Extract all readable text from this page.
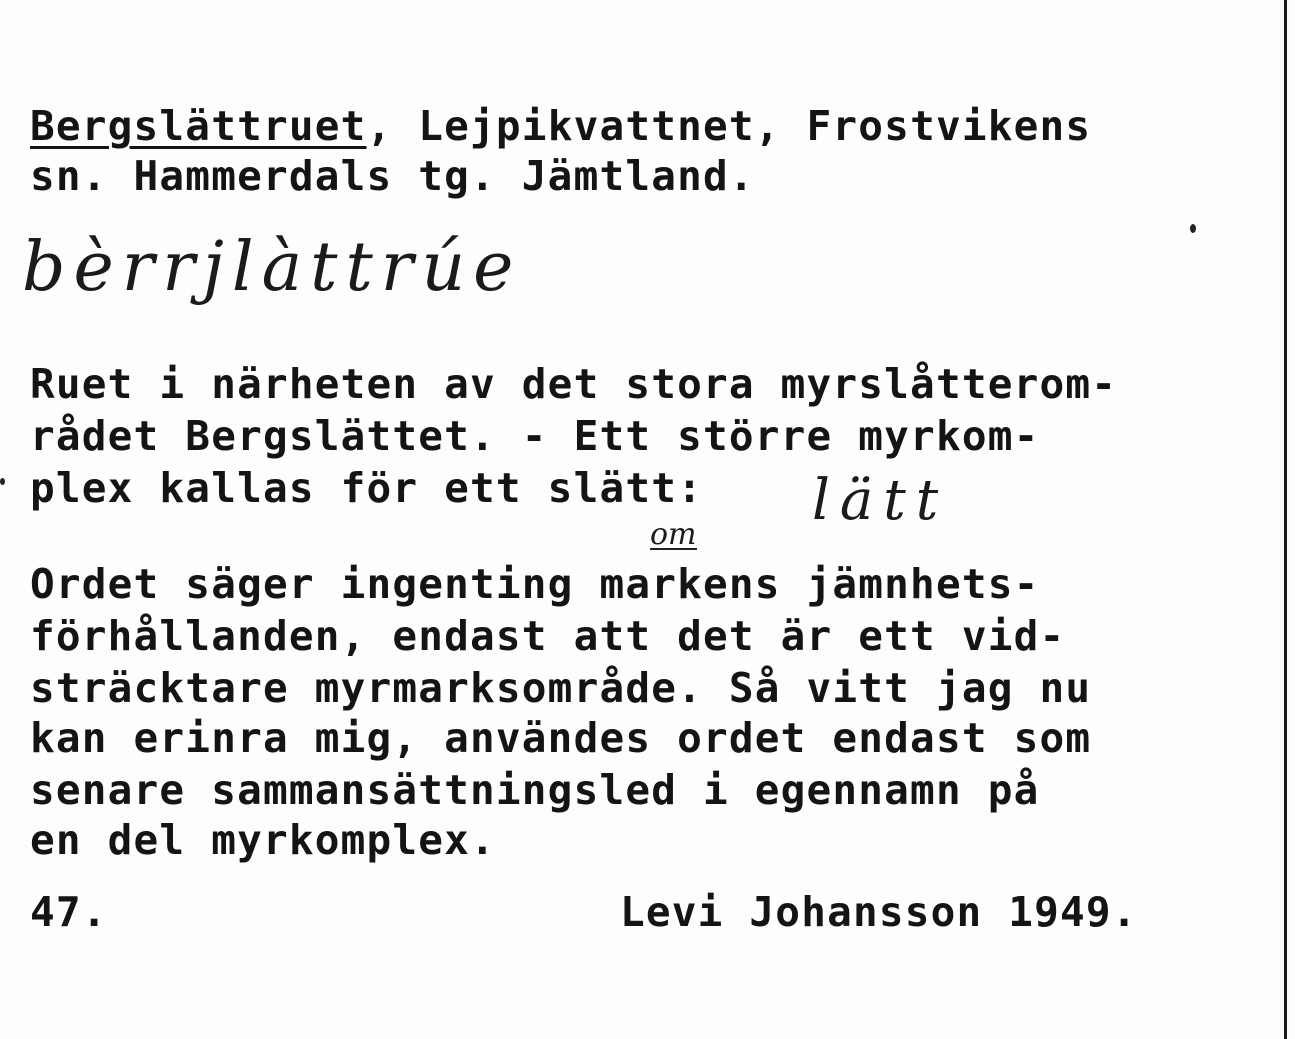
Bergslättruet, Lejpikvattnet, Frostvikens
sn. Hammerdals tg. Jämtland.
bèrrjlàttrúe
Ruet i närheten av det stora myrslåtterom-
rådet Bergslättet. - Ett större myrkom-
plex kallas för ett slätt: lätt
om
Ordet säger ingenting markens jämnhets-
förhållanden, endast att det är ett vid-
sträcktare myrmarksområde. Så vitt jag nu
kan erinra mig, användes ordet endast som
senare sammansättningsled i egennamn på
en del myrkomplex.
47.	Levi Johansson 1949.
